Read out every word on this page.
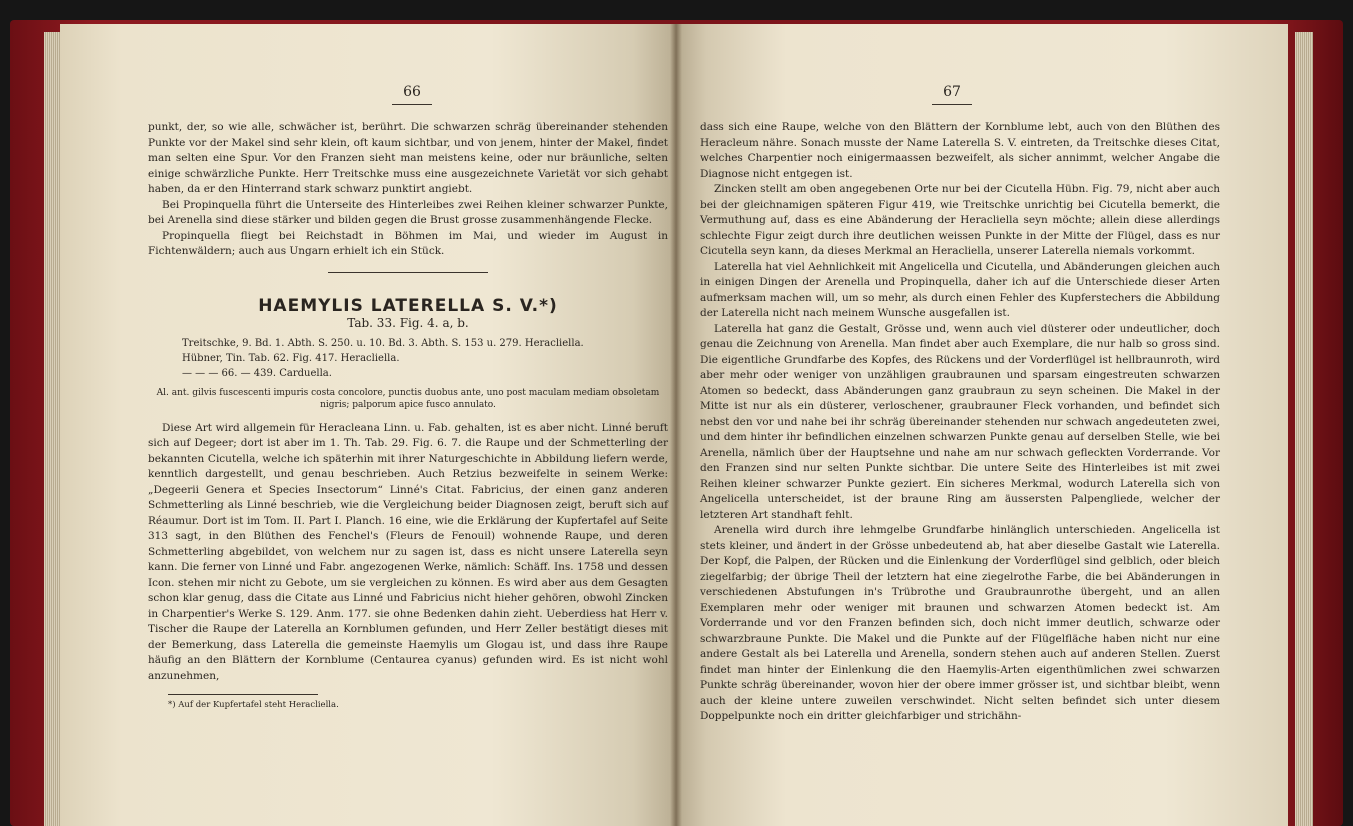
66

punkt, der, so wie alle, schwächer ist, berührt. Die schwarzen schräg übereinander stehenden Punkte vor der Makel sind sehr klein, oft kaum sichtbar, und von jenem, hinter der Makel, findet man selten eine Spur. Vor den Franzen sieht man meistens keine, oder nur bräunliche, selten einige schwärzliche Punkte. Herr Treitschke muss eine ausgezeichnete Varietät vor sich gehabt haben, da er den Hinterrand stark schwarz punktirt angiebt.

Bei Propinquella führt die Unterseite des Hinterleibes zwei Reihen kleiner schwarzer Punkte, bei Arenella sind diese stärker und bilden gegen die Brust grosse zusammenhängende Flecke.

Propinquella fliegt bei Reichstadt in Böhmen im Mai, und wieder im August in Fichtenwäldern; auch aus Ungarn erhielt ich ein Stück.

HAEMYLIS LATERELLA S. V.*)
Tab. 33. Fig. 4. a, b.

Treitschke, 9. Bd. 1. Abth. S. 250. u. 10. Bd. 3. Abth. S. 153 u. 279. Heracliella.

Hübner, Tin. Tab. 62. Fig. 417. Heracliella.

— — — 66. — 439. Carduella.

Al. ant. gilvis fuscescenti impuris costa concolore, punctis duobus ante, uno post maculam mediam obsoletam nigris; palporum apice fusco annulato.

Diese Art wird allgemein für Heracleana Linn. u. Fab. gehalten, ist es aber nicht. Linné beruft sich auf Degeer; dort ist aber im 1. Th. Tab. 29. Fig. 6. 7. die Raupe und der Schmetterling der bekannten Cicutella, welche ich späterhin mit ihrer Naturgeschichte in Abbildung liefern werde, kenntlich dargestellt, und genau beschrieben. Auch Retzius bezweifelte in seinem Werke: „Degeerii Genera et Species Insectorum“ Linné's Citat. Fabricius, der einen ganz anderen Schmetterling als Linné beschrieb, wie die Vergleichung beider Diagnosen zeigt, beruft sich auf Réaumur. Dort ist im Tom. II. Part I. Planch. 16 eine, wie die Erklärung der Kupfertafel auf Seite 313 sagt, in den Blüthen des Fenchel's (Fleurs de Fenouil) wohnende Raupe, und deren Schmetterling abgebildet, von welchem nur zu sagen ist, dass es nicht unsere Laterella seyn kann. Die ferner von Linné und Fabr. angezogenen Werke, nämlich: Schäff. Ins. 1758 und dessen Icon. stehen mir nicht zu Gebote, um sie vergleichen zu können. Es wird aber aus dem Gesagten schon klar genug, dass die Citate aus Linné und Fabricius nicht hieher gehören, obwohl Zincken in Charpentier's Werke S. 129. Anm. 177. sie ohne Bedenken dahin zieht. Ueberdiess hat Herr v. Tischer die Raupe der Laterella an Kornblumen gefunden, und Herr Zeller bestätigt dieses mit der Bemerkung, dass Laterella die gemeinste Haemylis um Glogau ist, und dass ihre Raupe häufig an den Blättern der Kornblume (Centaurea cyanus) gefunden wird. Es ist nicht wohl anzunehmen,

*) Auf der Kupfertafel steht Heracliella.
67

dass sich eine Raupe, welche von den Blättern der Kornblume lebt, auch von den Blüthen des Heracleum nähre. Sonach musste der Name Laterella S. V. eintreten, da Treitschke dieses Citat, welches Charpentier noch einigermaassen bezweifelt, als sicher annimmt, welcher Angabe die Diagnose nicht entgegen ist.

Zincken stellt am oben angegebenen Orte nur bei der Cicutella Hübn. Fig. 79, nicht aber auch bei der gleichnamigen späteren Figur 419, wie Treitschke unrichtig bei Cicutella bemerkt, die Vermuthung auf, dass es eine Abänderung der Heracliella seyn möchte; allein diese allerdings schlechte Figur zeigt durch ihre deutlichen weissen Punkte in der Mitte der Flügel, dass es nur Cicutella seyn kann, da dieses Merkmal an Heracliella, unserer Laterella niemals vorkommt.

Laterella hat viel Aehnlichkeit mit Angelicella und Cicutella, und Abänderungen gleichen auch in einigen Dingen der Arenella und Propinquella, daher ich auf die Unterschiede dieser Arten aufmerksam machen will, um so mehr, als durch einen Fehler des Kupferstechers die Abbildung der Laterella nicht nach meinem Wunsche ausgefallen ist.

Laterella hat ganz die Gestalt, Grösse und, wenn auch viel düsterer oder undeutlicher, doch genau die Zeichnung von Arenella. Man findet aber auch Exemplare, die nur halb so gross sind. Die eigentliche Grundfarbe des Kopfes, des Rückens und der Vorderflügel ist hellbraunroth, wird aber mehr oder weniger von unzähligen graubraunen und sparsam eingestreuten schwarzen Atomen so bedeckt, dass Abänderungen ganz graubraun zu seyn scheinen. Die Makel in der Mitte ist nur als ein düsterer, verloschener, graubrauner Fleck vorhanden, und befindet sich nebst den vor und nahe bei ihr schräg übereinander stehenden nur schwach angedeuteten zwei, und dem hinter ihr befindlichen einzelnen schwarzen Punkte genau auf derselben Stelle, wie bei Arenella, nämlich über der Hauptsehne und nahe am nur schwach gefleckten Vorderrande. Vor den Franzen sind nur selten Punkte sichtbar. Die untere Seite des Hinterleibes ist mit zwei Reihen kleiner schwarzer Punkte geziert. Ein sicheres Merkmal, wodurch Laterella sich von Angelicella unterscheidet, ist der braune Ring am äussersten Palpengliede, welcher der letzteren Art standhaft fehlt.

Arenella wird durch ihre lehmgelbe Grundfarbe hinlänglich unterschieden. Angelicella ist stets kleiner, und ändert in der Grösse unbedeutend ab, hat aber dieselbe Gastalt wie Laterella. Der Kopf, die Palpen, der Rücken und die Einlenkung der Vorderflügel sind gelblich, oder bleich ziegelfarbig; der übrige Theil der letztern hat eine ziegelrothe Farbe, die bei Abänderungen in verschiedenen Abstufungen in's Trübrothe und Graubraunrothe übergeht, und an allen Exemplaren mehr oder weniger mit braunen und schwarzen Atomen bedeckt ist. Am Vorderrande und vor den Franzen befinden sich, doch nicht immer deutlich, schwarze oder schwarzbraune Punkte. Die Makel und die Punkte auf der Flügelfläche haben nicht nur eine andere Gestalt als bei Laterella und Arenella, sondern stehen auch auf anderen Stellen. Zuerst findet man hinter der Einlenkung die den Haemylis-Arten eigenthümlichen zwei schwarzen Punkte schräg übereinander, wovon hier der obere immer grösser ist, und sichtbar bleibt, wenn auch der kleine untere zuweilen verschwindet. Nicht selten befindet sich unter diesem Doppelpunkte noch ein dritter gleichfarbiger und strichähn-
